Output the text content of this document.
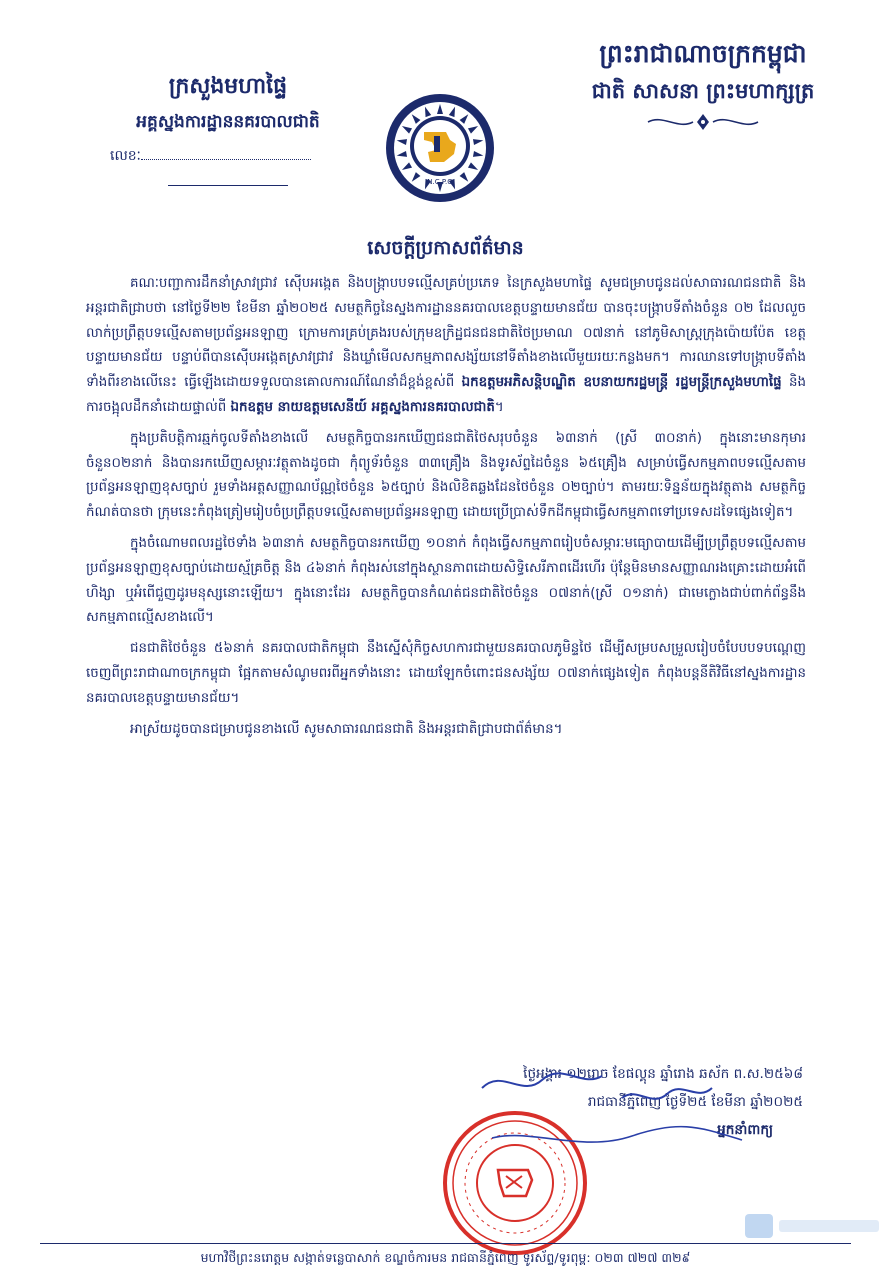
ព្រះរាជាណាចក្រកម្ពុជា
ជាតិ សាសនា ព្រះមហាក្សត្រ
ក្រសួងមហាផ្ទៃ
អគ្គស្នងការដ្ឋាននគរបាលជាតិ
លេខៈ
N.C.P.O
សេចក្តីប្រកាសព័ត៌មាន

គណៈបញ្ជាការដឹកនាំស្រាវជ្រាវ ស៊ើបអង្កេត និងបង្ក្រាបបទល្មើសគ្រប់ប្រភេទ នៃក្រសួងមហាផ្ទៃ សូមជម្រាបជូនដល់សាធារណជនជាតិ និងអន្តរជាតិជ្រាបថា នៅថ្ងៃទី២២ ខែមីនា ឆ្នាំ២០២៥ សមត្ថកិច្ចនៃស្នងការដ្ឋាននគរបាលខេត្តបន្ទាយមានជ័យ បានចុះបង្ក្រាបទីតាំងចំនួន ០២ ដែលលួចលាក់ប្រព្រឹត្តបទល្មើសតាមប្រព័ន្ធអនឡាញ ក្រោមការគ្រប់គ្រងរបស់ក្រុមឧក្រិដ្ឋជនជនជាតិថៃប្រមាណ ០៧នាក់ នៅភូមិសាស្រ្តក្រុងប៉ោយប៉ែត ខេត្តបន្ទាយមានជ័យ បន្ទាប់ពីបានស៊ើបអង្កេតស្រាវជ្រាវ និងឃ្លាំមើលសកម្មភាពសង្ស័យនៅទីតាំងខាងលើមួយរយៈកន្លងមក។ ការឈានទៅបង្ក្រាបទីតាំងទាំងពីរខាងលើនេះ ធ្វើឡើងដោយទទួលបានគោលការណ៍ណែនាំដ៏ខ្ពង់ខ្ពស់ពី ឯកឧត្តមអភិសន្តិបណ្ឌិត ឧបនាយករដ្ឋមន្ត្រី រដ្ឋមន្ត្រីក្រសួងមហាផ្ទៃ និងការចង្អុលដឹកនាំដោយផ្ទាល់ពី ឯកឧត្តម នាយឧត្តមសេនីយ៍ អគ្គស្នងការនគរបាលជាតិ។

ក្នុងប្រតិបត្តិការឆ្មក់ចូលទីតាំងខាងលើ សមត្ថកិច្ចបានរកឃើញជនជាតិថៃសរុបចំនួន ៦៣នាក់ (ស្រី ៣០នាក់) ក្នុងនោះមានកុមារចំនួន០២នាក់ និងបានរកឃើញសម្ភារៈវត្ថុតាងដូចជា កុំព្យូទ័រចំនួន ៣៣គ្រឿង និងទូរស័ព្ទដៃចំនួន ៦៥គ្រឿង សម្រាប់ធ្វើសកម្មភាពបទល្មើសតាមប្រព័ន្ធអនឡាញខុសច្បាប់ រួមទាំងអត្តសញ្ញាណប័ណ្ណថៃចំនួន ៦៥ច្បាប់ និងលិខិតឆ្លងដែនថៃចំនួន ០២ច្បាប់។ តាមរយៈទិន្នន័យក្នុងវត្ថុតាង សមត្ថកិច្ចកំណត់បានថា ក្រុមនេះកំពុងត្រៀមរៀបចំប្រព្រឹត្តបទល្មើសតាមប្រព័ន្ធអនឡាញ ដោយប្រើប្រាស់ទឹកដីកម្ពុជាធ្វើសកម្មភាពទៅប្រទេសដទៃផ្សេងទៀត។

ក្នុងចំណោមពលរដ្ឋថៃទាំង ៦៣នាក់ សមត្ថកិច្ចបានរកឃើញ ១០នាក់ កំពុងធ្វើសកម្មភាពរៀបចំសម្ភារៈមធ្យោបាយដើម្បីប្រព្រឹត្តបទល្មើសតាមប្រព័ន្ធអនឡាញខុសច្បាប់ដោយស្ម័គ្រចិត្ត និង ៤៦នាក់ កំពុងរស់នៅក្នុងស្ថានភាពដោយសិទ្ធិសេរីភាពដើរហើរ ប៉ុន្តែមិនមានសញ្ញាណរងគ្រោះដោយអំពើហិង្សា ឬអំពើជួញដូរមនុស្សនោះឡើយ។ ក្នុងនោះដែរ សមត្ថកិច្ចបានកំណត់ជនជាតិថៃចំនួន ០៧នាក់(ស្រី ០១នាក់) ជាមេក្លោងជាប់ពាក់ព័ន្ធនឹងសកម្មភាពល្មើសខាងលើ។

ជនជាតិថៃចំនួន ៥៦នាក់ នគរបាលជាតិកម្ពុជា នឹងស្នើសុំកិច្ចសហការជាមួយនគរបាលភូមិន្ទថៃ ដើម្បីសម្របសម្រួលរៀបចំបែបបទបណ្តេញចេញពីព្រះរាជាណាចក្រកម្ពុជា ផ្អែកតាមសំណូមពរពីអ្នកទាំងនោះ ដោយឡែកចំពោះជនសង្ស័យ ០៧នាក់ផ្សេងទៀត កំពុងបន្តនីតិវិធីនៅស្នងការដ្ឋាននគរបាលខេត្តបន្ទាយមានជ័យ។

អាស្រ័យដូចបានជម្រាបជូនខាងលើ សូមសាធារណជនជាតិ និងអន្តរជាតិជ្រាបជាព័ត៌មាន។

ថ្ងៃអង្គារ ១២រោច ខែផល្គុន ឆ្នាំរោង ឆស័ក ព.ស.២៥៦៨
រាជធានីភ្នំពេញ ថ្ងៃទី២៥ ខែមីនា ឆ្នាំ២០២៥
អ្នកនាំពាក្យ
មហាវិថីព្រះនរោត្តម សង្កាត់ទន្លេបាសាក់ ខណ្ឌចំការមន រាជធានីភ្នំពេញ ទូរស័ព្ទ/ទូរពុម្ព: ០២៣ ៧២៧ ៣២៩
